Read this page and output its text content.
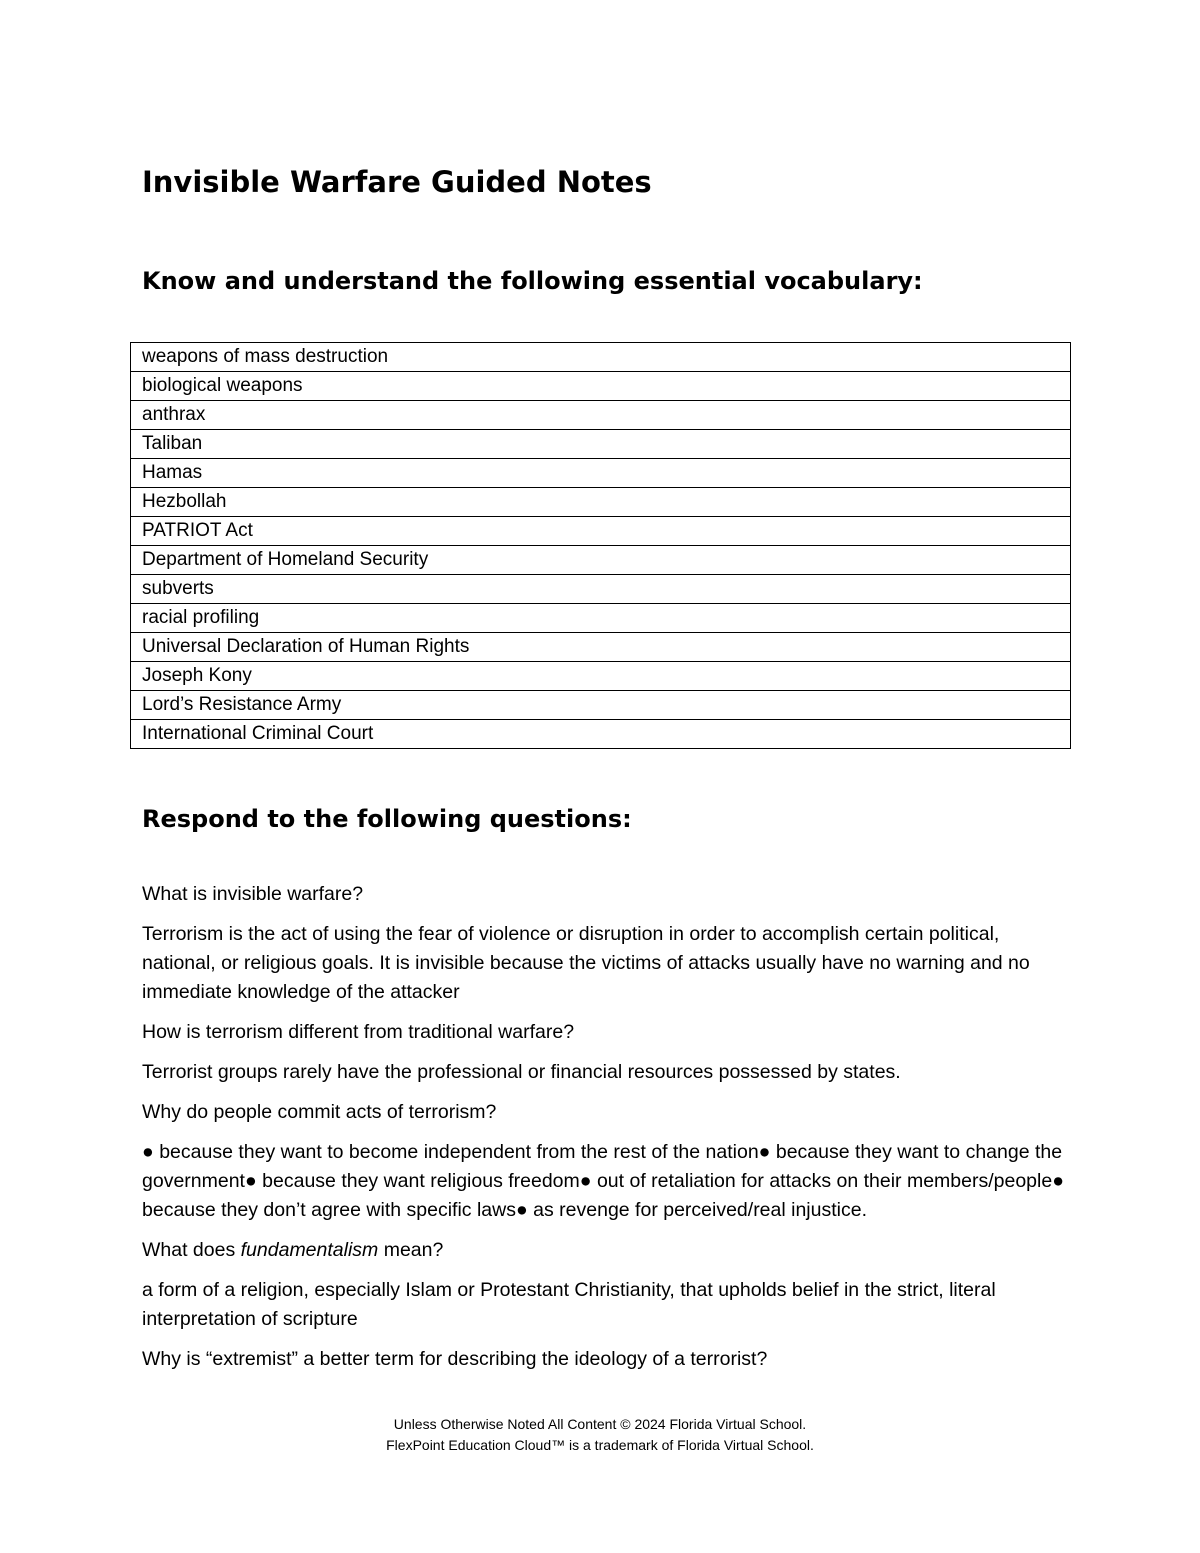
Invisible Warfare Guided Notes
Know and understand the following essential vocabulary:
weapons of mass destruction
biological weapons
anthrax
Taliban
Hamas
Hezbollah
PATRIOT Act
Department of Homeland Security
subverts
racial profiling
Universal Declaration of Human Rights
Joseph Kony
Lord’s Resistance Army
International Criminal Court
Respond to the following questions:

What is invisible warfare?

Terrorism is the act of using the fear of violence or disruption in order to accomplish certain political, national, or religious goals. It is invisible because the victims of attacks usually have no warning and no immediate knowledge of the attacker

How is terrorism different from traditional warfare?

Terrorist groups rarely have the professional or financial resources possessed by states.

Why do people commit acts of terrorism?

● because they want to become independent from the rest of the nation● because they want to change the government● because they want religious freedom● out of retaliation for attacks on their members/people● because they don’t agree with specific laws● as revenge for perceived/real injustice.

What does fundamentalism mean?

a form of a religion, especially Islam or Protestant Christianity, that upholds belief in the strict, literal interpretation of scripture

Why is “extremist” a better term for describing the ideology of a terrorist?

Unless Otherwise Noted All Content © 2024 Florida Virtual School.
FlexPoint Education Cloud™ is a trademark of Florida Virtual School.
